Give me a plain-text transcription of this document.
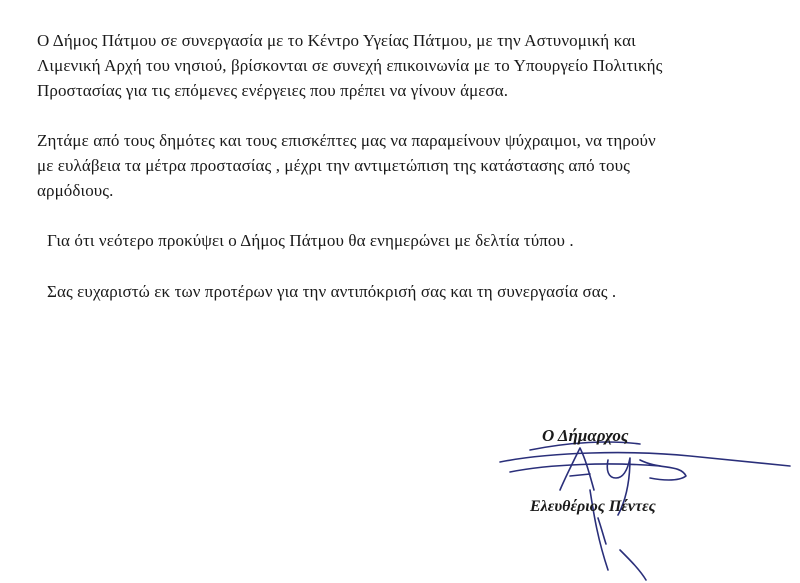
Ο Δήμος Πάτμου σε συνεργασία με το Κέντρο Υγείας Πάτμου, με την Αστυνομική και
Λιμενική Αρχή του νησιού, βρίσκονται σε συνεχή επικοινωνία με το Υπουργείο Πολιτικής
Προστασίας για τις επόμενες ενέργειες που πρέπει να γίνουν άμεσα.

Ζητάμε από τους δημότες και τους επισκέπτες μας να παραμείνουν ψύχραιμοι, να τηρούν
με ευλάβεια τα μέτρα προστασίας , μέχρι την αντιμετώπιση της κατάστασης από τους
αρμόδιους.

Για ότι νεότερο προκύψει ο Δήμος Πάτμου θα ενημερώνει με δελτία τύπου .

Σας ευχαριστώ εκ των προτέρων για την αντιπόκρισή σας και τη συνεργασία σας .

Ο Δήμαρχος
Ελευθέριος Πέντες
